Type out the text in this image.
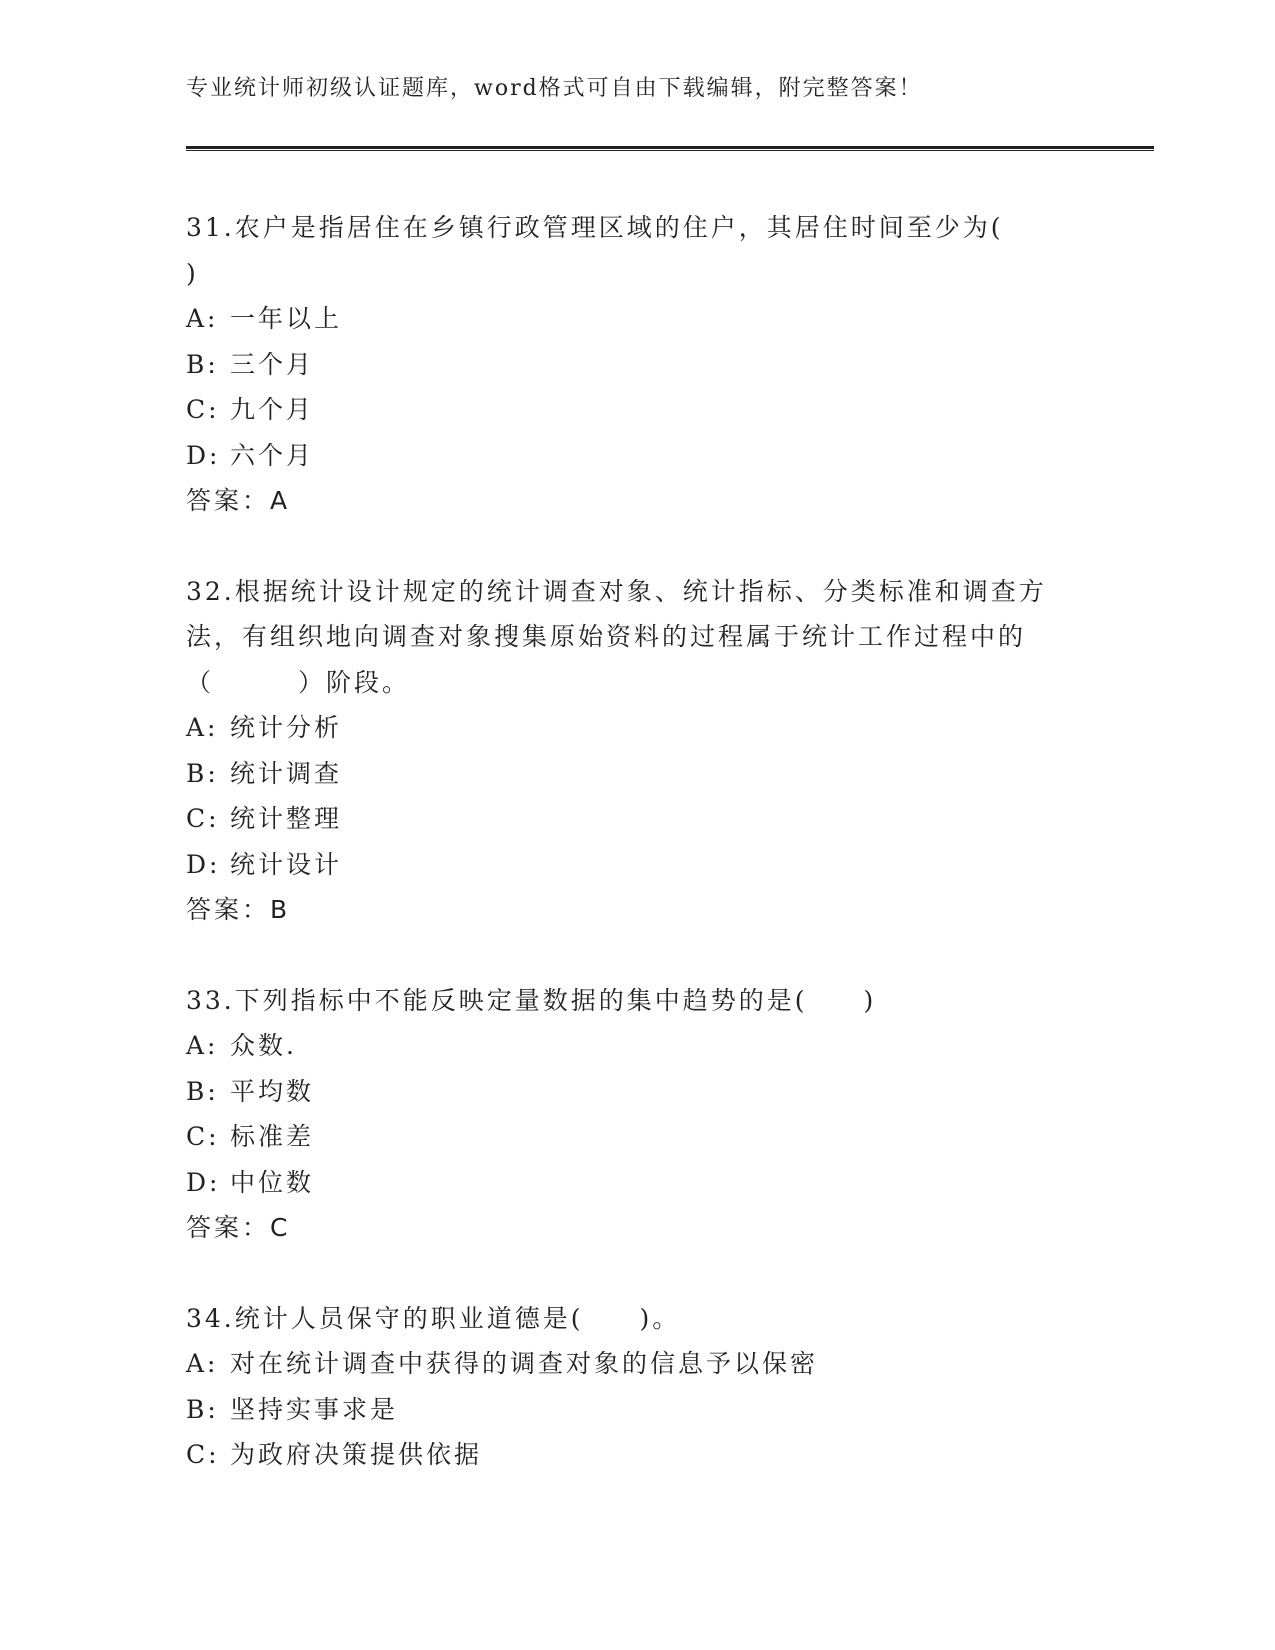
专业统计师初级认证题库，word格式可自由下载编辑，附完整答案！
31.农户是指居住在乡镇行政管理区域的住户，其居住时间至少为(
)
A: 一年以上
B: 三个月
C: 九个月
D: 六个月
答案：A
32.根据统计设计规定的统计调查对象、统计指标、分类标准和调查方
法，有组织地向调查对象搜集原始资料的过程属于统计工作过程中的
（　　　）阶段。
A: 统计分析
B: 统计调查
C: 统计整理
D: 统计设计
答案：B
33.下列指标中不能反映定量数据的集中趋势的是(　　)
A: 众数.
B: 平均数
C: 标准差
D: 中位数
答案：C
34.统计人员保守的职业道德是(　　)。
A: 对在统计调查中获得的调查对象的信息予以保密
B: 坚持实事求是
C: 为政府决策提供依据
